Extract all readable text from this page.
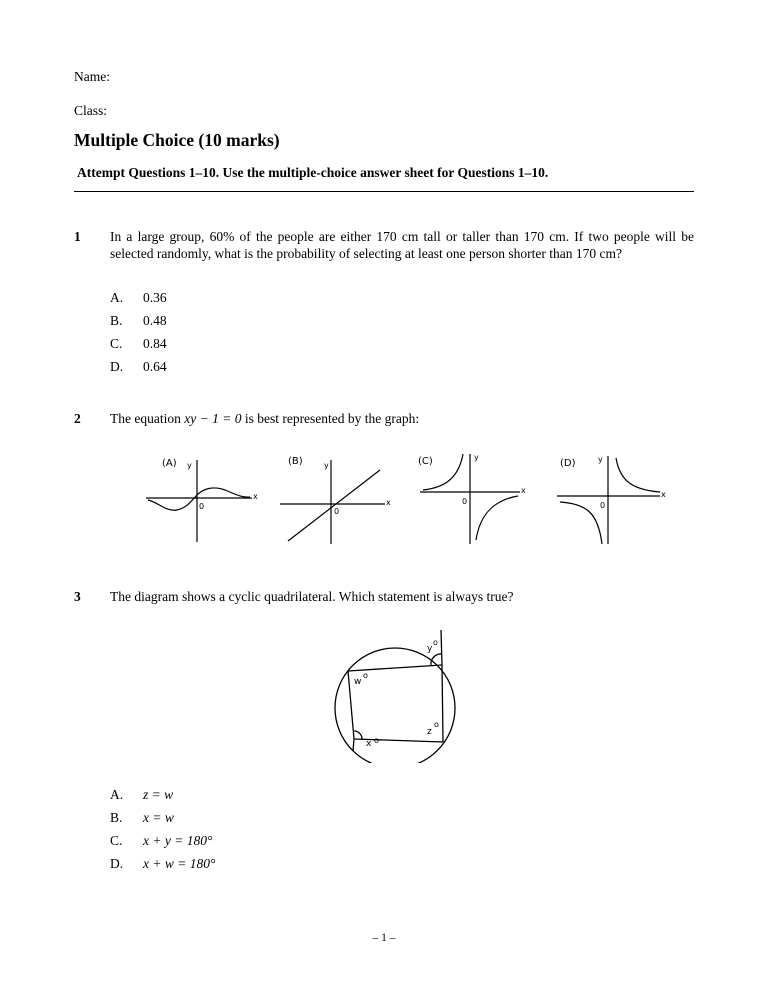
Name:
Class:
Multiple Choice (10 marks)
Attempt Questions 1–10. Use the multiple-choice answer sheet for Questions 1–10.
1 In a large group, 60% of the people are either 170 cm tall or taller than 170 cm. If two people will be selected randomly, what is the probability of selecting at least one person shorter than 170 cm?
A. 0.36
B. 0.48
C. 0.84
D. 0.64
2 The equation xy − 1 = 0 is best represented by the graph:
(A)	(B)	(C)	(D)
y	y
y	y
x
x
x	x
0
0
0	0
3 The diagram shows a cyclic quadrilateral. Which statement is always true?
y
o
w
o
z
o
x o
A. z = w
B. x = w
C. x + y = 180°
D. x + w = 180°
– 1 –
